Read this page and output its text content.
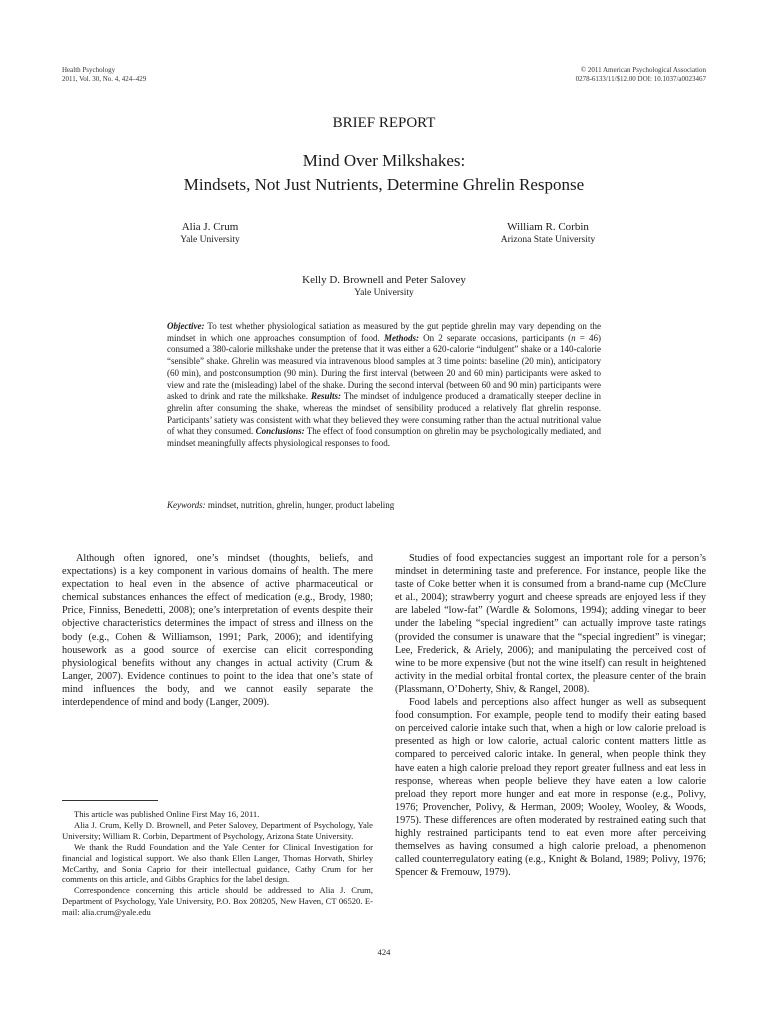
Health Psychology
2011, Vol. 30, No. 4, 424–429
© 2011 American Psychological Association
0278-6133/11/$12.00 DOI: 10.1037/a0023467
BRIEF REPORT
Mind Over Milkshakes:
Mindsets, Not Just Nutrients, Determine Ghrelin Response
Alia J. Crum
Yale University
William R. Corbin
Arizona State University
Kelly D. Brownell and Peter Salovey
Yale University
Objective: To test whether physiological satiation as measured by the gut peptide ghrelin may vary depending on the mindset in which one approaches consumption of food. Methods: On 2 separate occasions, participants (n = 46) consumed a 380-calorie milkshake under the pretense that it was either a 620-calorie “indulgent” shake or a 140-calorie “sensible” shake. Ghrelin was measured via intravenous blood samples at 3 time points: baseline (20 min), anticipatory (60 min), and postconsumption (90 min). During the first interval (between 20 and 60 min) participants were asked to view and rate the (misleading) label of the shake. During the second interval (between 60 and 90 min) participants were asked to drink and rate the milkshake. Results: The mindset of indulgence produced a dramatically steeper decline in ghrelin after consuming the shake, whereas the mindset of sensibility produced a relatively flat ghrelin response. Participants’ satiety was consistent with what they believed they were consuming rather than the actual nutritional value of what they consumed. Conclusions: The effect of food consumption on ghrelin may be psychologically mediated, and mindset meaningfully affects physiological responses to food.
Keywords: mindset, nutrition, ghrelin, hunger, product labeling

Although often ignored, one’s mindset (thoughts, beliefs, and expectations) is a key component in various domains of health. The mere expectation to heal even in the absence of active pharmaceutical or chemical substances enhances the effect of medication (e.g., Brody, 1980; Price, Finniss, Benedetti, 2008); one’s interpretation of events despite their objective characteristics determines the impact of stress and illness on the body (e.g., Cohen & Williamson, 1991; Park, 2006); and identifying housework as a good source of exercise can elicit corresponding physiological benefits without any changes in actual activity (Crum & Langer, 2007). Evidence continues to point to the idea that one’s state of mind influences the body, and we cannot easily separate the interdependence of mind and body (Langer, 2009).

Studies of food expectancies suggest an important role for a person’s mindset in determining taste and preference. For instance, people like the taste of Coke better when it is consumed from a brand-name cup (McClure et al., 2004); strawberry yogurt and cheese spreads are enjoyed less if they are labeled “low-fat” (Wardle & Solomons, 1994); adding vinegar to beer under the labeling “special ingredient” can actually improve taste ratings (provided the consumer is unaware that the “special ingredient” is vinegar; Lee, Frederick, & Ariely, 2006); and manipulating the perceived cost of wine to be more expensive (but not the wine itself) can result in heightened activity in the medial orbital frontal cortex, the pleasure center of the brain (Plassmann, O’Doherty, Shiv, & Rangel, 2008).

Food labels and perceptions also affect hunger as well as subsequent food consumption. For example, people tend to modify their eating based on perceived calorie intake such that, when a high or low calorie preload is presented as high or low calorie, actual caloric content matters little as compared to perceived caloric intake. In general, when people think they have eaten a high calorie preload they report greater fullness and eat less in response, whereas when people believe they have eaten a low calorie preload they report more hunger and eat more in response (e.g., Polivy, 1976; Provencher, Polivy, & Herman, 2009; Wooley, Wooley, & Woods, 1975). These differences are often moderated by restrained eating such that highly restrained participants tend to eat even more after perceiving themselves as having consumed a high calorie preload, a phenomenon called counterregulatory eating (e.g., Knight & Boland, 1989; Polivy, 1976; Spencer & Fremouw, 1979).

This article was published Online First May 16, 2011.

Alia J. Crum, Kelly D. Brownell, and Peter Salovey, Department of Psychology, Yale University; William R. Corbin, Department of Psychology, Arizona State University.

We thank the Rudd Foundation and the Yale Center for Clinical Investigation for financial and logistical support. We also thank Ellen Langer, Thomas Horvath, Shirley McCarthy, and Sonia Caprio for their intellectual guidance, Cathy Crum for her comments on this article, and Gibbs Graphics for the label design.

Correspondence concerning this article should be addressed to Alia J. Crum, Department of Psychology, Yale University, P.O. Box 208205, New Haven, CT 06520. E-mail: alia.crum@yale.edu

424
